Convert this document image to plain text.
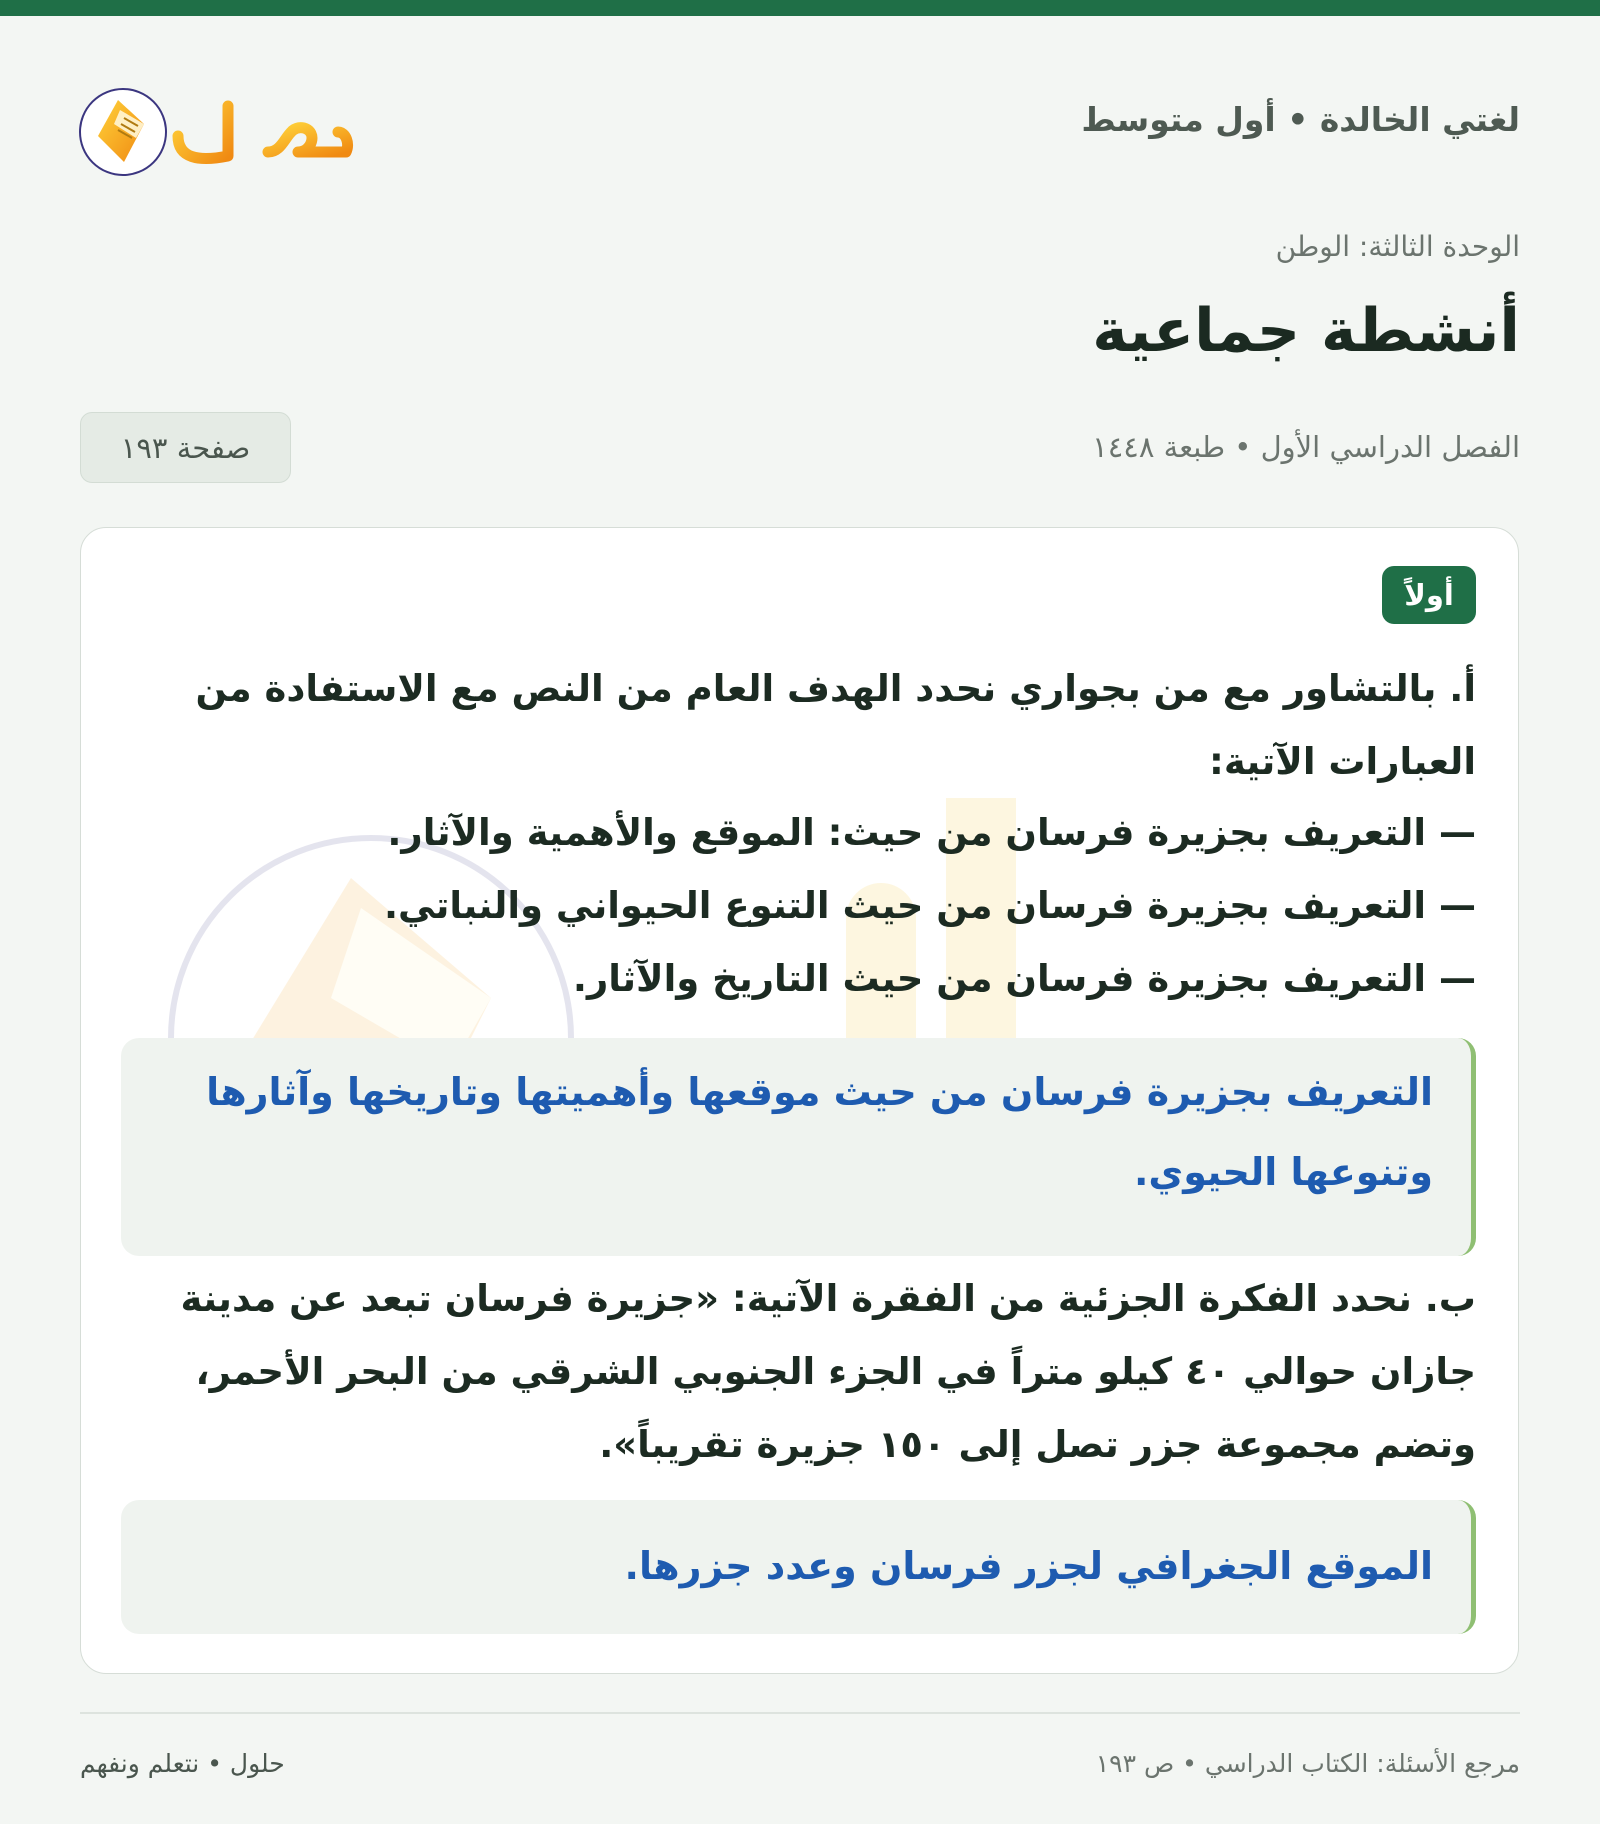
لغتي الخالدة • أول متوسط
الوحدة الثالثة: الوطن
أنشطة جماعية
الفصل الدراسي الأول • طبعة ١٤٤٨
صفحة ١٩٣
أولاً
أ. بالتشاور مع من بجواري نحدد الهدف العام من النص مع الاستفادة من العبارات الآتية:
— التعريف بجزيرة فرسان من حيث: الموقع والأهمية والآثار.
— التعريف بجزيرة فرسان من حيث التنوع الحيواني والنباتي.
— التعريف بجزيرة فرسان من حيث التاريخ والآثار.
التعريف بجزيرة فرسان من حيث موقعها وأهميتها وتاريخها وآثارها وتنوعها الحيوي.
ب. نحدد الفكرة الجزئية من الفقرة الآتية: «جزيرة فرسان تبعد عن مدينة جازان حوالي ٤٠ كيلو متراً في الجزء الجنوبي الشرقي من البحر الأحمر، وتضم مجموعة جزر تصل إلى ١٥٠ جزيرة تقريباً».
الموقع الجغرافي لجزر فرسان وعدد جزرها.
مرجع الأسئلة: الكتاب الدراسي • ص ١٩٣
حلول • نتعلم ونفهم
